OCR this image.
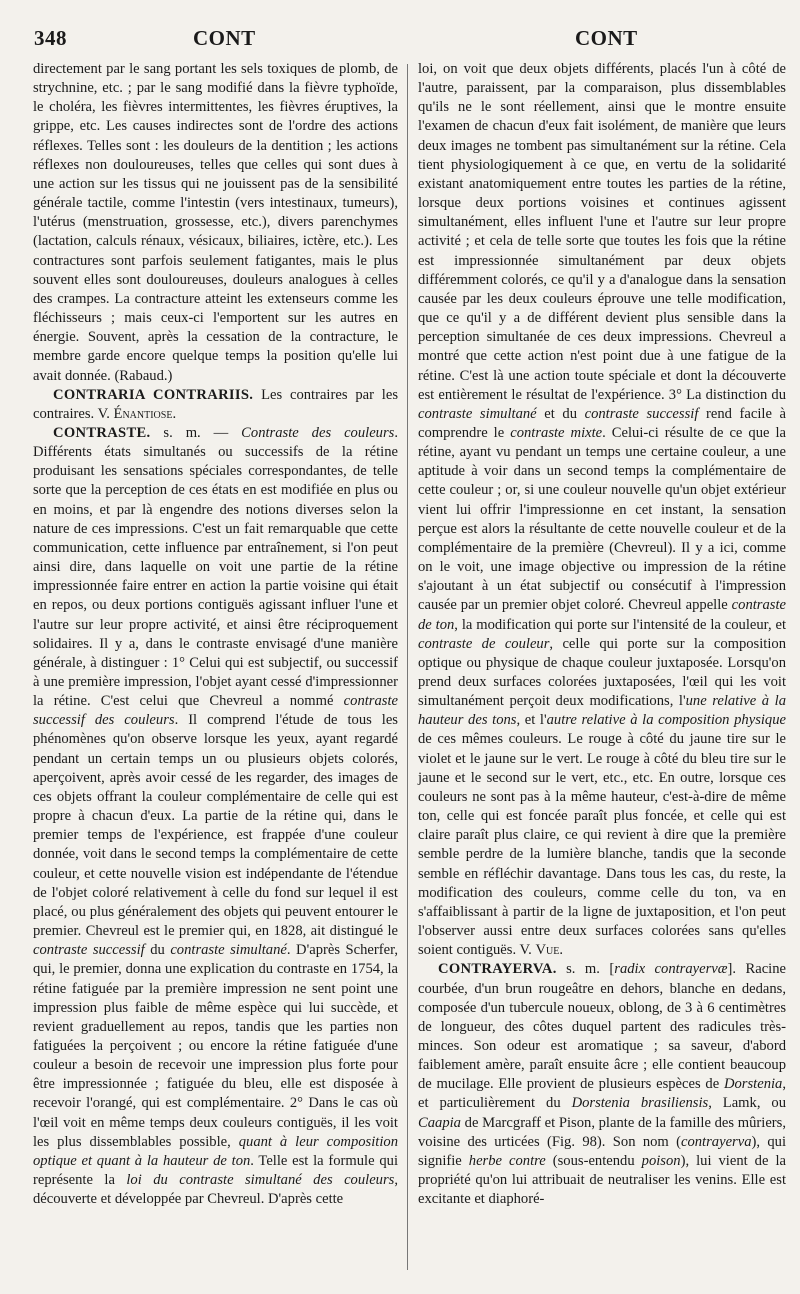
348	CONT	CONT

directement par le sang portant les sels toxiques de plomb, de strychnine, etc. ; par le sang modifié dans la fièvre typhoïde, le choléra, les fièvres intermittentes, les fièvres éruptives, la grippe, etc. Les causes indirectes sont de l'ordre des actions réflexes. Telles sont : les douleurs de la dentition ; les actions réflexes non douloureuses, telles que celles qui sont dues à une action sur les tissus qui ne jouissent pas de la sensibilité générale tactile, comme l'intestin (vers intestinaux, tumeurs), l'utérus (menstruation, grossesse, etc.), divers parenchymes (lactation, calculs rénaux, vésicaux, biliaires, ictère, etc.). Les contractures sont parfois seulement fatigantes, mais le plus souvent elles sont douloureuses, douleurs analogues à celles des crampes. La contracture atteint les extenseurs comme les fléchisseurs ; mais ceux-ci l'emportent sur les autres en énergie. Souvent, après la cessation de la contracture, le membre garde encore quelque temps la position qu'elle lui avait donnée. (Rabaud.)

CONTRARIA CONTRARIIS. Les contraires par les contraires. V. Énantiose.

CONTRASTE. s. m. — Contraste des couleurs. Différents états simultanés ou successifs de la rétine produisant les sensations spéciales correspondantes, de telle sorte que la perception de ces états en est modifiée en plus ou en moins, et par là engendre des notions diverses selon la nature de ces impressions. C'est un fait remarquable que cette communication, cette influence par entraînement, si l'on peut ainsi dire, dans laquelle on voit une partie de la rétine impressionnée faire entrer en action la partie voisine qui était en repos, ou deux portions contiguës agissant influer l'une et l'autre sur leur propre activité, et ainsi être réciproquement solidaires. Il y a, dans le contraste envisagé d'une manière générale, à distinguer : 1° Celui qui est subjectif, ou successif à une première impression, l'objet ayant cessé d'impressionner la rétine. C'est celui que Chevreul a nommé contraste successif des couleurs. Il comprend l'étude de tous les phénomènes qu'on observe lorsque les yeux, ayant regardé pendant un certain temps un ou plusieurs objets colorés, aperçoivent, après avoir cessé de les regarder, des images de ces objets offrant la couleur complémentaire de celle qui est propre à chacun d'eux. La partie de la rétine qui, dans le premier temps de l'expérience, est frappée d'une couleur donnée, voit dans le second temps la complémentaire de cette couleur, et cette nouvelle vision est indépendante de l'étendue de l'objet coloré relativement à celle du fond sur lequel il est placé, ou plus généralement des objets qui peuvent entourer le premier. Chevreul est le premier qui, en 1828, ait distingué le contraste successif du contraste simultané. D'après Scherfer, qui, le premier, donna une explication du contraste en 1754, la rétine fatiguée par la première impression ne sent point une impression plus faible de même espèce qui lui succède, et revient graduellement au repos, tandis que les parties non fatiguées la perçoivent ; ou encore la rétine fatiguée d'une couleur a besoin de recevoir une impression plus forte pour être impressionnée ; fatiguée du bleu, elle est disposée à recevoir l'orangé, qui est complémentaire. 2° Dans le cas où l'œil voit en même temps deux couleurs contiguës, il les voit les plus dissemblables possible, quant à leur composition optique et quant à la hauteur de ton. Telle est la formule qui représente la loi du contraste simultané des couleurs, découverte et développée par Chevreul. D'après cette

loi, on voit que deux objets différents, placés l'un à côté de l'autre, paraissent, par la comparaison, plus dissemblables qu'ils ne le sont réellement, ainsi que le montre ensuite l'examen de chacun d'eux fait isolément, de manière que leurs deux images ne tombent pas simultanément sur la rétine. Cela tient physiologiquement à ce que, en vertu de la solidarité existant anatomiquement entre toutes les parties de la rétine, lorsque deux portions voisines et continues agissent simultanément, elles influent l'une et l'autre sur leur propre activité ; et cela de telle sorte que toutes les fois que la rétine est impressionnée simultanément par deux objets différemment colorés, ce qu'il y a d'analogue dans la sensation causée par les deux couleurs éprouve une telle modification, que ce qu'il y a de différent devient plus sensible dans la perception simultanée de ces deux impressions. Chevreul a montré que cette action n'est point due à une fatigue de la rétine. C'est là une action toute spéciale et dont la découverte est entièrement le résultat de l'expérience. 3° La distinction du contraste simultané et du contraste successif rend facile à comprendre le contraste mixte. Celui-ci résulte de ce que la rétine, ayant vu pendant un temps une certaine couleur, a une aptitude à voir dans un second temps la complémentaire de cette couleur ; or, si une couleur nouvelle qu'un objet extérieur vient lui offrir l'impressionne en cet instant, la sensation perçue est alors la résultante de cette nouvelle couleur et de la complémentaire de la première (Chevreul). Il y a ici, comme on le voit, une image objective ou impression de la rétine s'ajoutant à un état subjectif ou consécutif à l'impression causée par un premier objet coloré. Chevreul appelle contraste de ton, la modification qui porte sur l'intensité de la couleur, et contraste de couleur, celle qui porte sur la composition optique ou physique de chaque couleur juxtaposée. Lorsqu'on prend deux surfaces colorées juxtaposées, l'œil qui les voit simultanément perçoit deux modifications, l'une relative à la hauteur des tons, et l'autre relative à la composition physique de ces mêmes couleurs. Le rouge à côté du jaune tire sur le violet et le jaune sur le vert. Le rouge à côté du bleu tire sur le jaune et le second sur le vert, etc., etc. En outre, lorsque ces couleurs ne sont pas à la même hauteur, c'est-à-dire de même ton, celle qui est foncée paraît plus foncée, et celle qui est claire paraît plus claire, ce qui revient à dire que la première semble perdre de la lumière blanche, tandis que la seconde semble en réfléchir davantage. Dans tous les cas, du reste, la modification des couleurs, comme celle du ton, va en s'affaiblissant à partir de la ligne de juxtaposition, et l'on peut l'observer aussi entre deux surfaces colorées sans qu'elles soient contiguës. V. Vue.

CONTRAYERVA. s. m. [radix contrayervæ]. Racine courbée, d'un brun rougeâtre en dehors, blanche en dedans, composée d'un tubercule noueux, oblong, de 3 à 6 centimètres de longueur, des côtes duquel partent des radicules très-minces. Son odeur est aromatique ; sa saveur, d'abord faiblement amère, paraît ensuite âcre ; elle contient beaucoup de mucilage. Elle provient de plusieurs espèces de Dorstenia, et particulièrement du Dorstenia brasiliensis, Lamk, ou Caapia de Marcgraff et Pison, plante de la famille des mûriers, voisine des urticées (Fig. 98). Son nom (contrayerva), qui signifie herbe contre (sous-entendu poison), lui vient de la propriété qu'on lui attribuait de neutraliser les venins. Elle est excitante et diaphoré-
